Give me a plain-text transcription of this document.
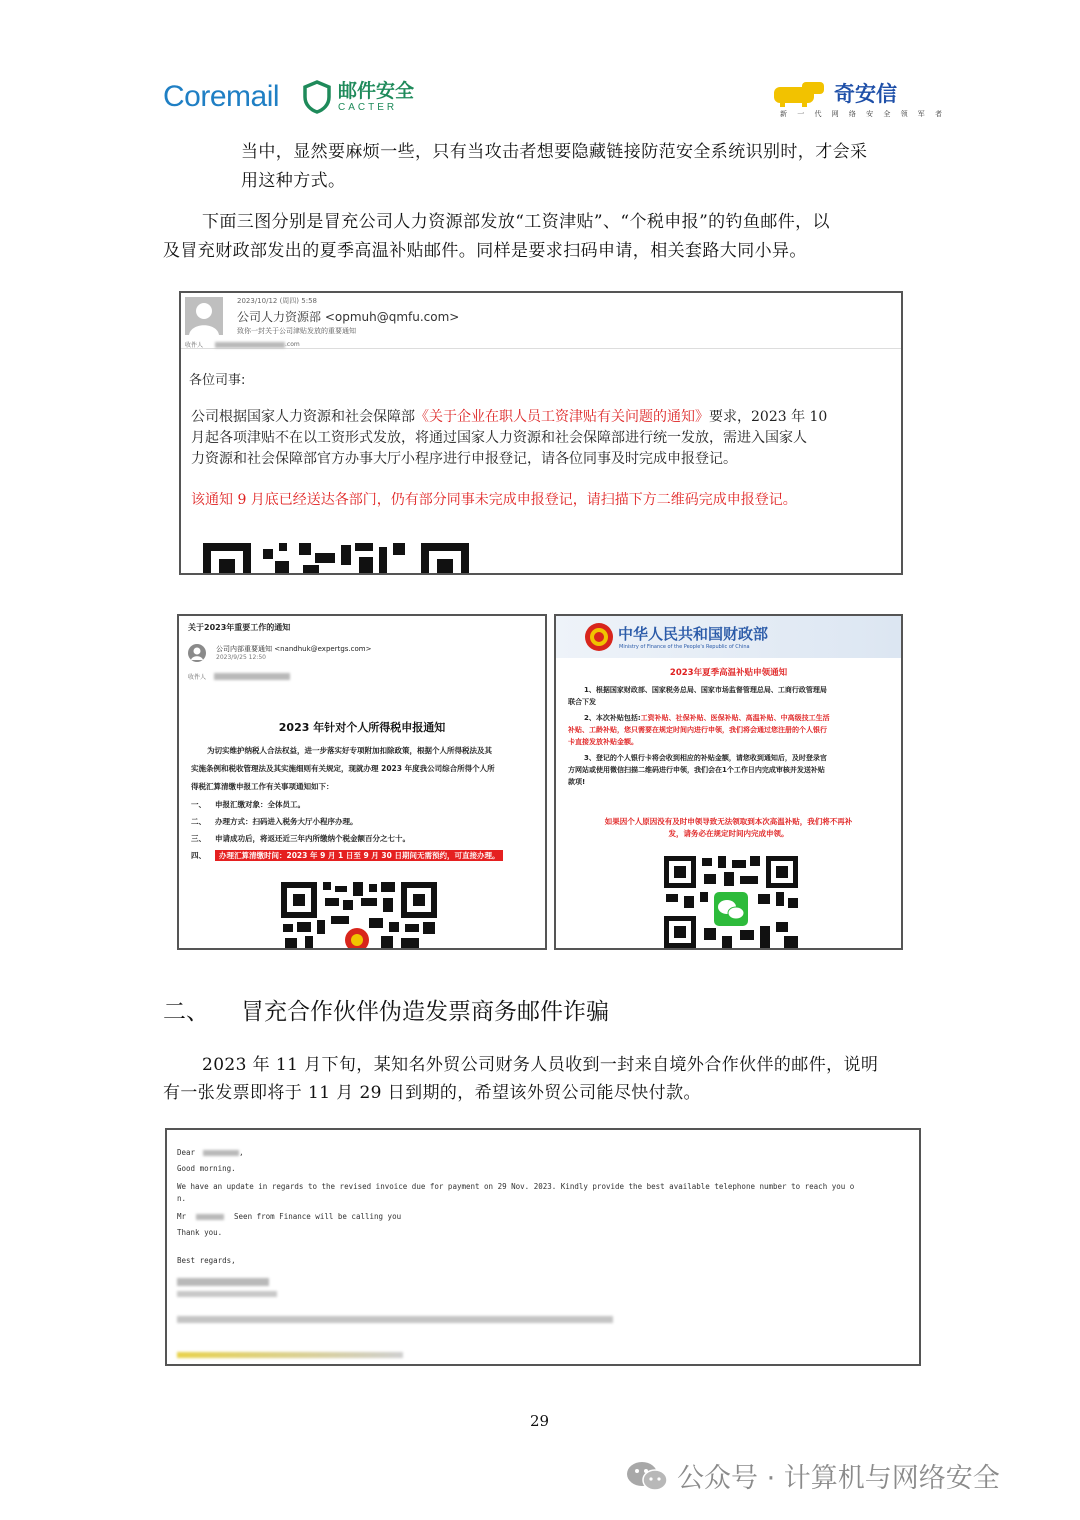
Coremail	邮件安全
CACTER
奇安信
新 一 代 网 络 安 全 领 军 者
当中，显然要麻烦一些，只有当攻击者想要隐藏链接防范安全系统识别时，才会采
用这种方式。
下面三图分别是冒充公司人力资源部发放“工资津贴”、“个税申报”的钓鱼邮件，以
及冒充财政部发出的夏季高温补贴邮件。同样是要求扫码申请，相关套路大同小异。
2023/10/12 (周四) 5:58
公司人力资源部 <opmuh@qmfu.com>
致你一封关于公司津贴发放的重要通知
收件人	.com
各位司事:
公司根据国家人力资源和社会保障部《关于企业在职人员工资津贴有关问题的通知》要求，2023 年 10
月起各项津贴不在以工资形式发放，将通过国家人力资源和社会保障部进行统一发放，需进入国家人
力资源和社会保障部官方办事大厅小程序进行申报登记，请各位同事及时完成申报登记。
该通知 9 月底已经送达各部门，仍有部分同事未完成申报登记，请扫描下方二维码完成申报登记。
关于2023年重要工作的通知
公司内部重要通知 <nandhuk@expertgs.com>
2023/9/25 12:50
收件人
2023 年针对个人所得税申报通知
为切实维护纳税人合法权益，进一步落实好专项附加扣除政策，根据个人所得税法及其
实施条例和税收管理法及其实施细则有关规定，现就办理 2023 年度我公司综合所得个人所
得税汇算清缴申报工作有关事项通知如下：
一、 申报汇缴对象：全体员工。
二、 办理方式：扫码进入税务大厅小程序办理。
三、 申请成功后，将返还近三年内所缴纳个税金额百分之七十。
四、 办理汇算清缴时间：2023 年 9 月 1 日至 9 月 30 日期间无需预约，可直接办理。
中华人民共和国财政部
Ministry of Finance of the People's Republic of China
2023年夏季高温补贴申领通知
1、根据国家财政部、国家税务总局、国家市场监督管理总局、工商行政管理局
联合下发
2、本次补贴包括:工资补贴、社保补贴、医保补贴、高温补贴、中高级技工生活
补贴、工龄补贴，您只需要在规定时间内进行申领，我们将会通过您注册的个人银行
卡直接发放补贴金额。
3、登记的个人银行卡将会收到相应的补贴金额，请您收到通知后，及时登录官
方网站或使用微信扫描二维码进行申领，我们会在1个工作日内完成审核并发送补贴
款项!
如果因个人原因没有及时申领导致无法领取到本次高温补贴，我们将不再补
发，请务必在规定时间内完成申领。
二、 冒充合作伙伴伪造发票商务邮件诈骗
2023 年 11 月下旬，某知名外贸公司财务人员收到一封来自境外合作伙伴的邮件，说明
有一张发票即将于 11 月 29 日到期的，希望该外贸公司能尽快付款。
Dear	,
Good morning.
We have an update in regards to the revised invoice due for payment on 29 Nov. 2023. Kindly provide the best available telephone number to reach you o
n.
Mr	Seen from Finance will be calling you
Thank you.
Best regards,
29
公众号 · 计算机与网络安全
